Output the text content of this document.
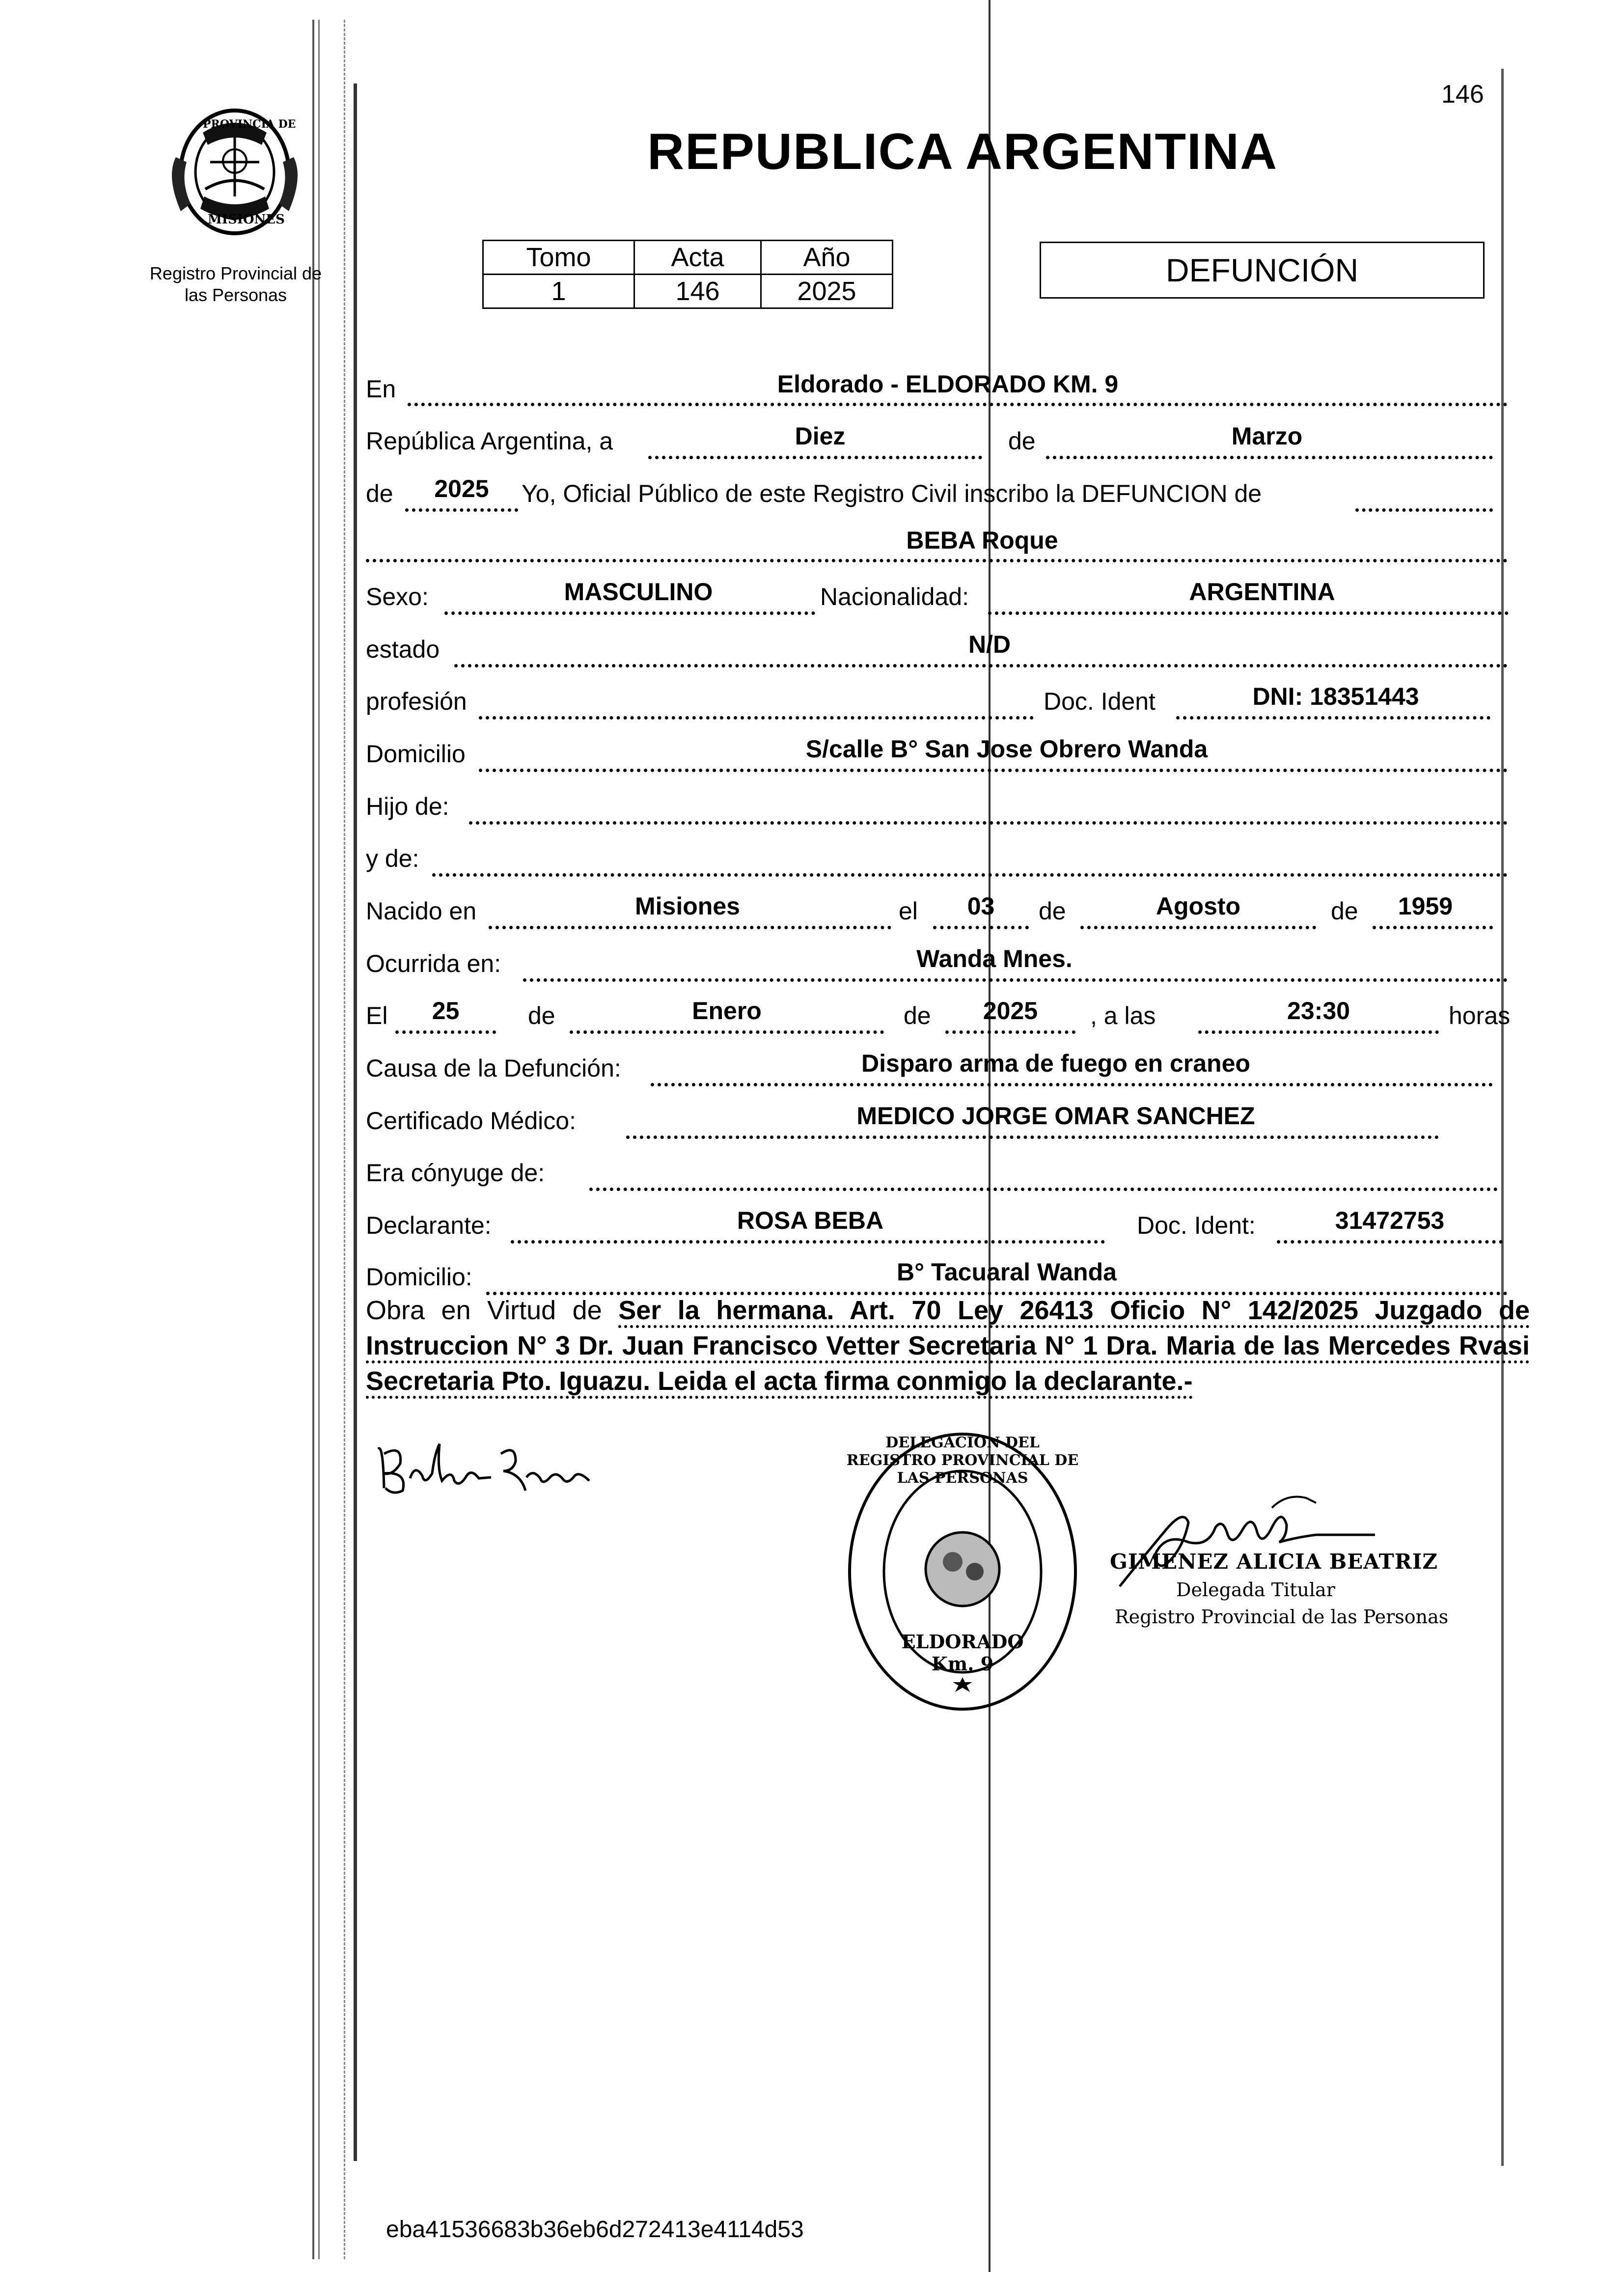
146
PROVINCIA DE
MISIONES
Registro Provincial de
las Personas
REPUBLICA ARGENTINA
Tomo	Acta	Año
1	146	2025
DEFUNCIÓN
En	Eldorado - ELDORADO KM. 9
República Argentina, a	Diez	de	Marzo
de	2025	Yo, Oficial Público de este Registro Civil inscribo la DEFUNCION de
BEBA Roque
Sexo:	MASCULINO	Nacionalidad:	ARGENTINA
estado	N/D
profesión	Doc. Ident	DNI: 18351443
Domicilio	S/calle B° San Jose Obrero Wanda
Hijo de:
y de:
Nacido en	Misiones	el	03	de	Agosto	de	1959
Ocurrida en:	Wanda Mnes.
El	25	de	Enero	de	2025	, a las	23:30	horas
Causa de la Defunción:	Disparo arma de fuego en craneo
Certificado Médico:	MEDICO JORGE OMAR SANCHEZ
Era cónyuge de:
Declarante:	ROSA BEBA	Doc. Ident:	31472753
Domicilio:	B° Tacuaral Wanda
Obra en Virtud de Ser la hermana. Art. 70 Ley 26413 Oficio N° 142/2025 Juzgado de Instruccion N° 3 Dr. Juan Francisco Vetter Secretaria N° 1 Dra. Maria de las Mercedes Rvasi Secretaria Pto. Iguazu. Leida el acta firma conmigo la declarante.-
DELEGACION DEL REGISTRO PROVINCIAL DE LAS PERSONAS
ELDORADO Km. 9
GIMENEZ ALICIA BEATRIZ
Delegada Titular
Registro Provincial de las Personas
eba41536683b36eb6d272413e4114d53
